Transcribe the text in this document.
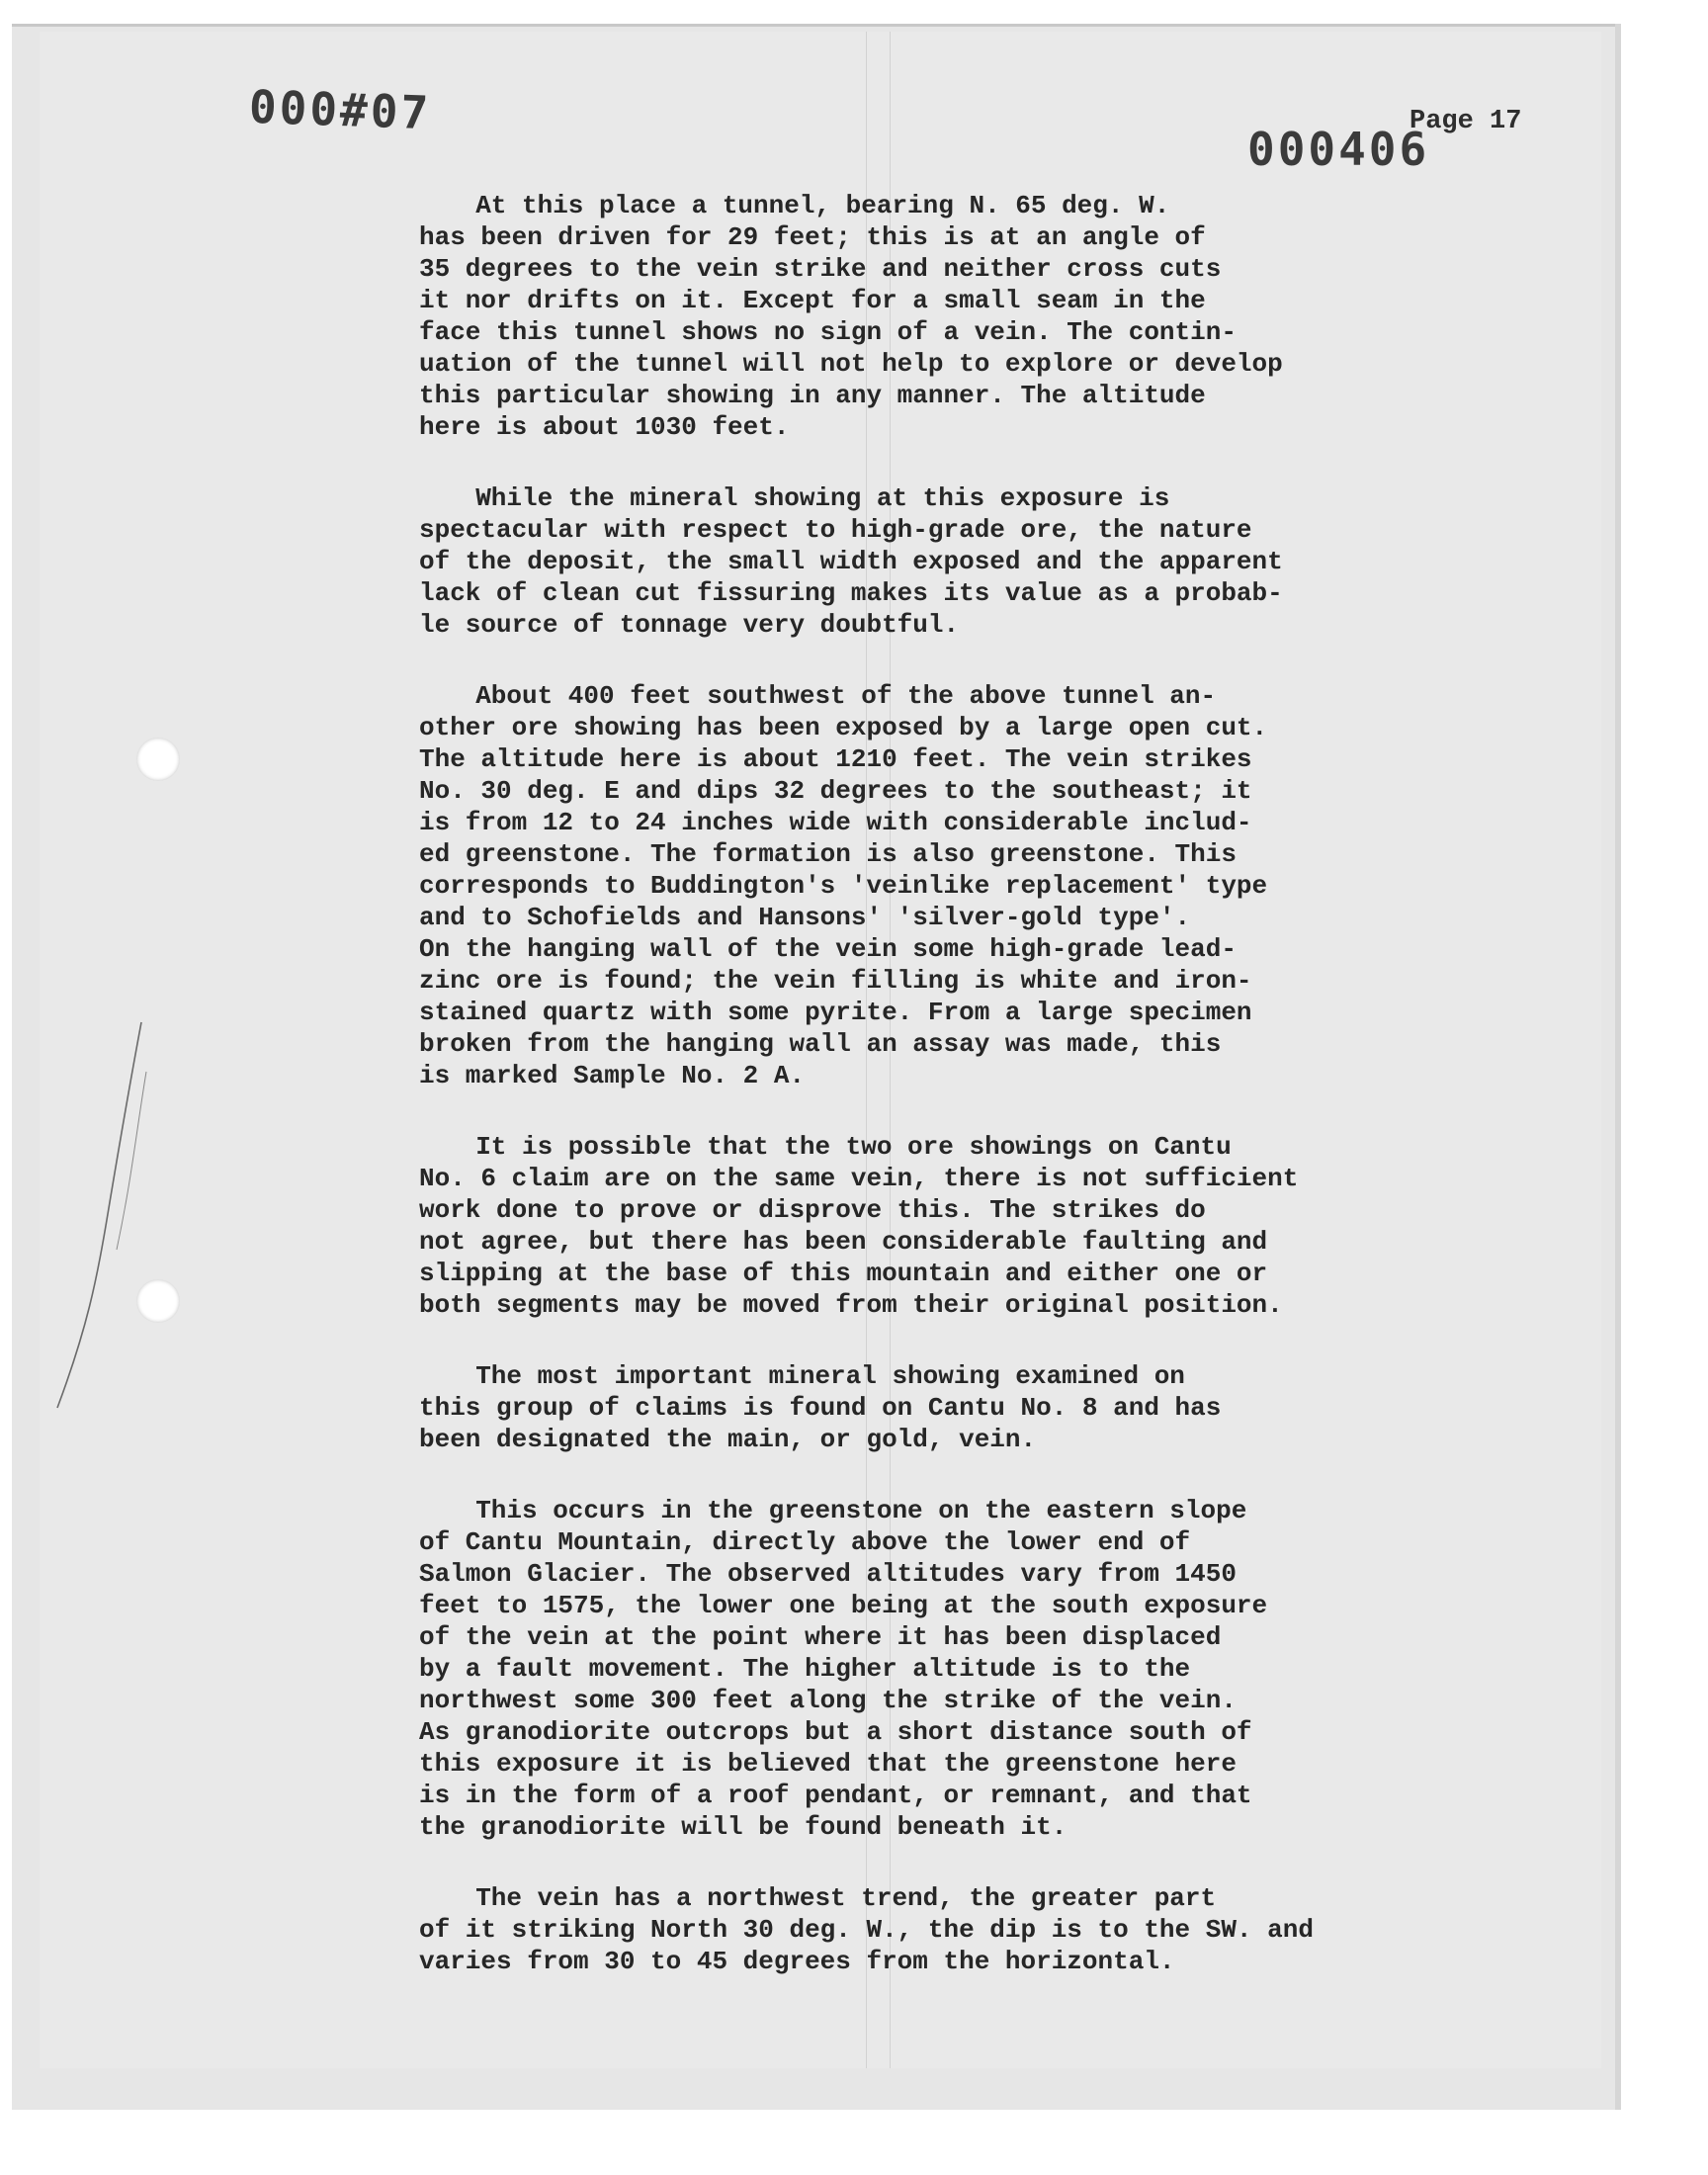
000#07
000406
Page 17

At this place a tunnel, bearing N. 65 deg. W.
has been driven for 29 feet; this is at an angle of
35 degrees to the vein strike and neither cross cuts
it nor drifts on it. Except for a small seam in the
face this tunnel shows no sign of a vein. The contin-
uation of the tunnel will not help to explore or develop
this particular showing in any manner. The altitude
here is about 1030 feet.

While the mineral showing at this exposure is
spectacular with respect to high-grade ore, the nature
of the deposit, the small width exposed and the apparent
lack of clean cut fissuring makes its value as a probab-
le source of tonnage very doubtful.

About 400 feet southwest of the above tunnel an-
other ore showing has been exposed by a large open cut.
The altitude here is about 1210 feet. The vein strikes
No. 30 deg. E and dips 32 degrees to the southeast; it
is from 12 to 24 inches wide with considerable includ-
ed greenstone. The formation is also greenstone. This
corresponds to Buddington's 'veinlike replacement' type
and to Schofields and Hansons' 'silver-gold type'.
On the hanging wall of the vein some high-grade lead-
zinc ore is found; the vein filling is white and iron-
stained quartz with some pyrite. From a large specimen
broken from the hanging wall an assay was made, this
is marked Sample No. 2 A.

It is possible that the two ore showings on Cantu
No. 6 claim are on the same vein, there is not sufficient
work done to prove or disprove this. The strikes do
not agree, but there has been considerable faulting and
slipping at the base of this mountain and either one or
both segments may be moved from their original position.

The most important mineral showing examined on
this group of claims is found on Cantu No. 8 and has
been designated the main, or gold, vein.

This occurs in the greenstone on the eastern slope
of Cantu Mountain, directly above the lower end of
Salmon Glacier. The observed altitudes vary from 1450
feet to 1575, the lower one being at the south exposure
of the vein at the point where it has been displaced
by a fault movement. The higher altitude is to the
northwest some 300 feet along the strike of the vein.
As granodiorite outcrops but a short distance south of
this exposure it is believed that the greenstone here
is in the form of a roof pendant, or remnant, and that
the granodiorite will be found beneath it.

The vein has a northwest trend, the greater part
of it striking North 30 deg. W., the dip is to the SW. and
varies from 30 to 45 degrees from the horizontal.
